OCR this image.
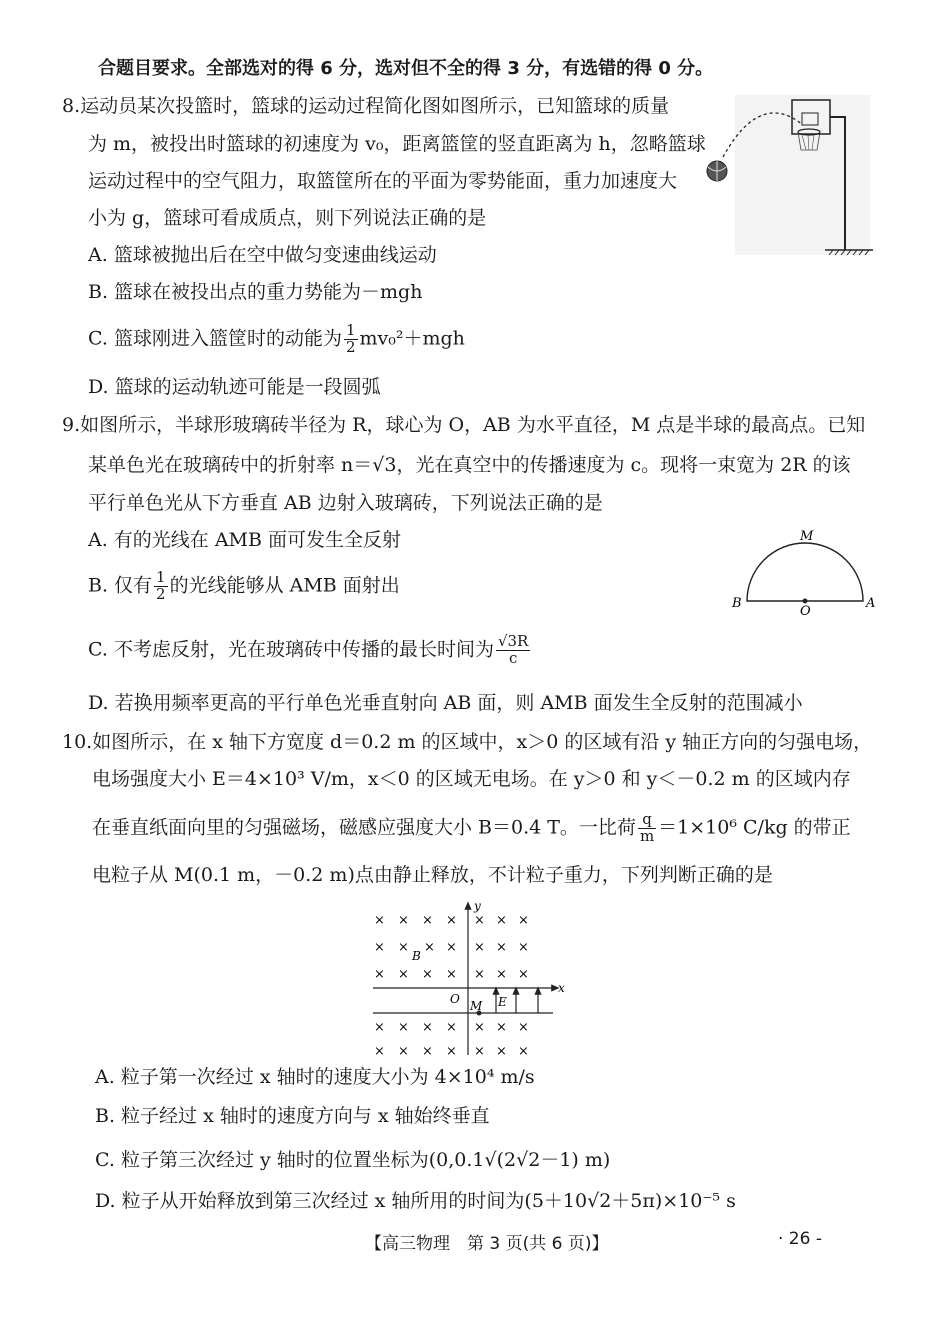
合题目要求。全部选对的得 6 分，选对但不全的得 3 分，有选错的得 0 分。
8.运动员某次投篮时，篮球的运动过程简化图如图所示，已知篮球的质量
为 m，被投出时篮球的初速度为 v₀，距离篮筐的竖直距离为 h，忽略篮球
运动过程中的空气阻力，取篮筐所在的平面为零势能面，重力加速度大
小为 g，篮球可看成质点，则下列说法正确的是
A. 篮球被抛出后在空中做匀变速曲线运动
B. 篮球在被投出点的重力势能为－mgh
C. 篮球刚进入篮筐时的动能为 $\frac{1}{2} mv_0^2+mgh$
D. 篮球的运动轨迹可能是一段圆弧
9.如图所示，半球形玻璃砖半径为 R，球心为 O，AB 为水平直径，M 点是半球的最高点。已知
某单色光在玻璃砖中的折射率 n＝√3，光在真空中的传播速度为 c。现将一束宽为 2R 的该
平行单色光从下方垂直 AB 边射入玻璃砖，下列说法正确的是
A. 有的光线在 AMB 面可发生全反射
B. 仅有 $\frac{1}{2}$ 的光线能够从 AMB 面射出
C. 不考虑反射，光在玻璃砖中传播的最长时间为 $\frac{√3R}{c}$
D. 若换用频率更高的平行单色光垂直射向 AB 面，则 AMB 面发生全反射的范围减小
M
B
O
A
10.如图所示，在 x 轴下方宽度 d＝0.2 m 的区域中，x＞0 的区域有沿 y 轴正方向的匀强电场，
电场强度大小 E＝4×10³ V/m，x＜0 的区域无电场。在 y＞0 和 y＜－0.2 m 的区域内存
在垂直纸面向里的匀强磁场，磁感应强度大小 B＝0.4 T。一比荷 $\frac{q}{m} =1\times 10^6$ C/kg 的带正
电粒子从 M(0.1 m，－0.2 m)点由静止释放，不计粒子重力，下列判断正确的是
y
x
O	E
M
B
× × × × × × ×
× × × × × × ×
× × × × × × ×
× × × × × × ×
× × × × × × ×
A. 粒子第一次经过 x 轴时的速度大小为 4×10⁴ m/s
B. 粒子经过 x 轴时的速度方向与 x 轴始终垂直
C. 粒子第三次经过 y 轴时的位置坐标为(0,0.1√(2√2－1) m)
D. 粒子从开始释放到第三次经过 x 轴所用的时间为(5＋10√2＋5π)×10⁻⁵ s
【高三物理　第 3 页(共 6 页)】	· 26 -
